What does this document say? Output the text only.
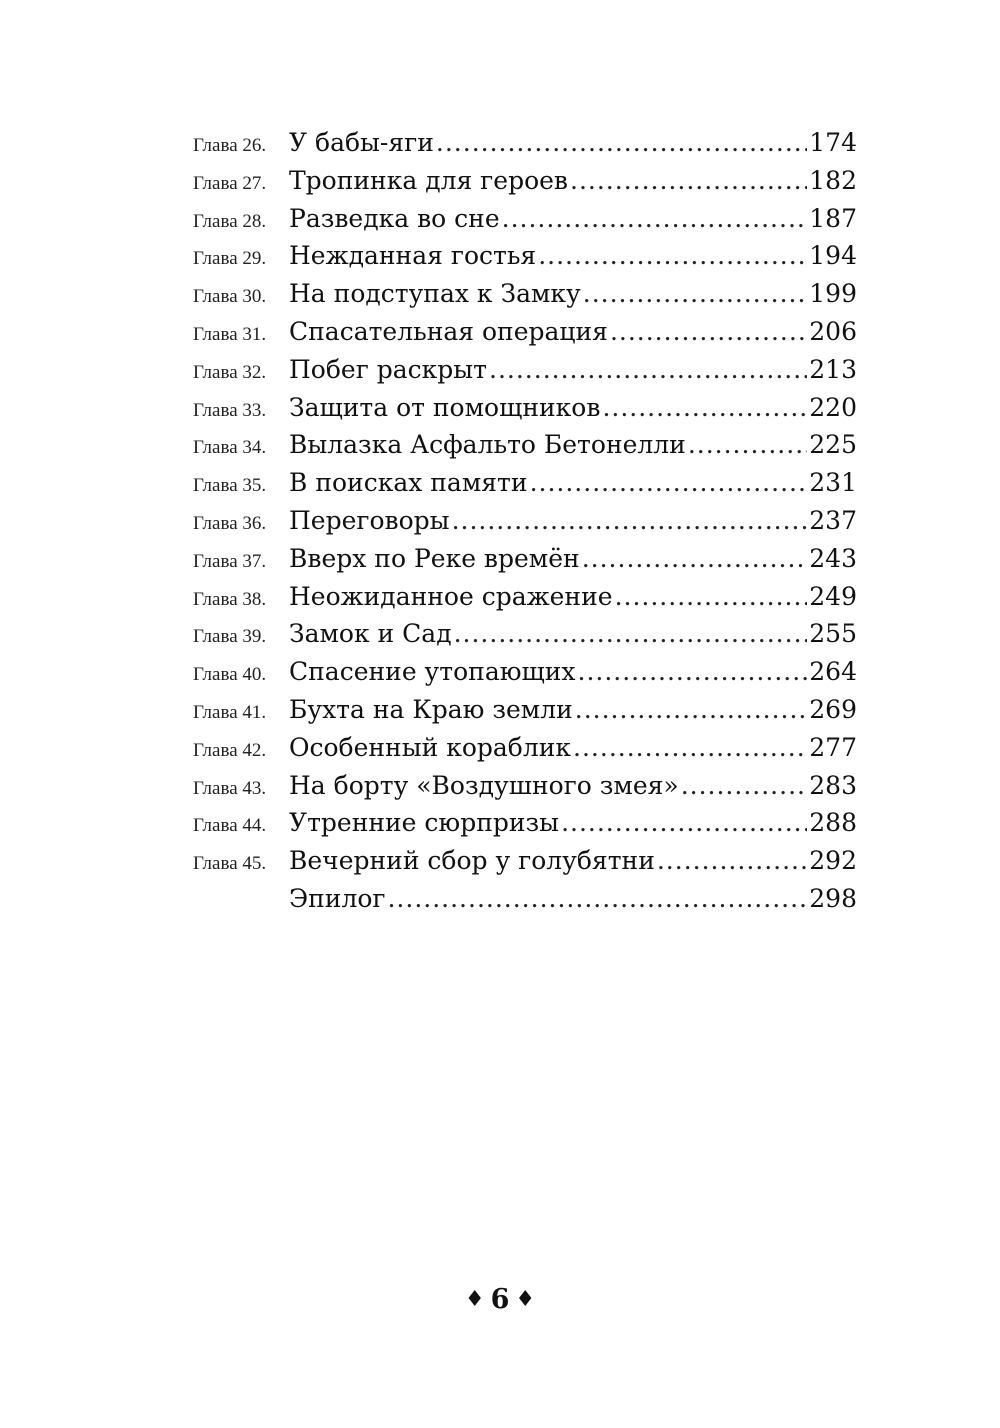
Глава 26. У бабы-яги .....	174
Глава 27. Тропинка для героев .....	182
Глава 28. Разведка во сне .....	187
Глава 29. Нежданная гостья .....	194
Глава 30. На подступах к Замку .....	199
Глава 31. Спасательная операция .....	206
Глава 32. Побег раскрыт .....	213
Глава 33. Защита от помощников .....	220
Глава 34. Вылазка Асфальто Бетонелли .....	225
Глава 35. В поисках памяти .....	231
Глава 36. Переговоры .....	237
Глава 37. Вверх по Реке времён .....	243
Глава 38. Неожиданное сражение .....	249
Глава 39. Замок и Сад .....	255
Глава 40. Спасение утопающих .....	264
Глава 41. Бухта на Краю земли .....	269
Глава 42. Особенный кораблик .....	277
Глава 43. На борту «Воздушного змея» .....	283
Глава 44. Утренние сюрпризы .....	288
Глава 45. Вечерний сбор у голубятни .....	292
Эпилог .....	298
♦ 6 ♦
